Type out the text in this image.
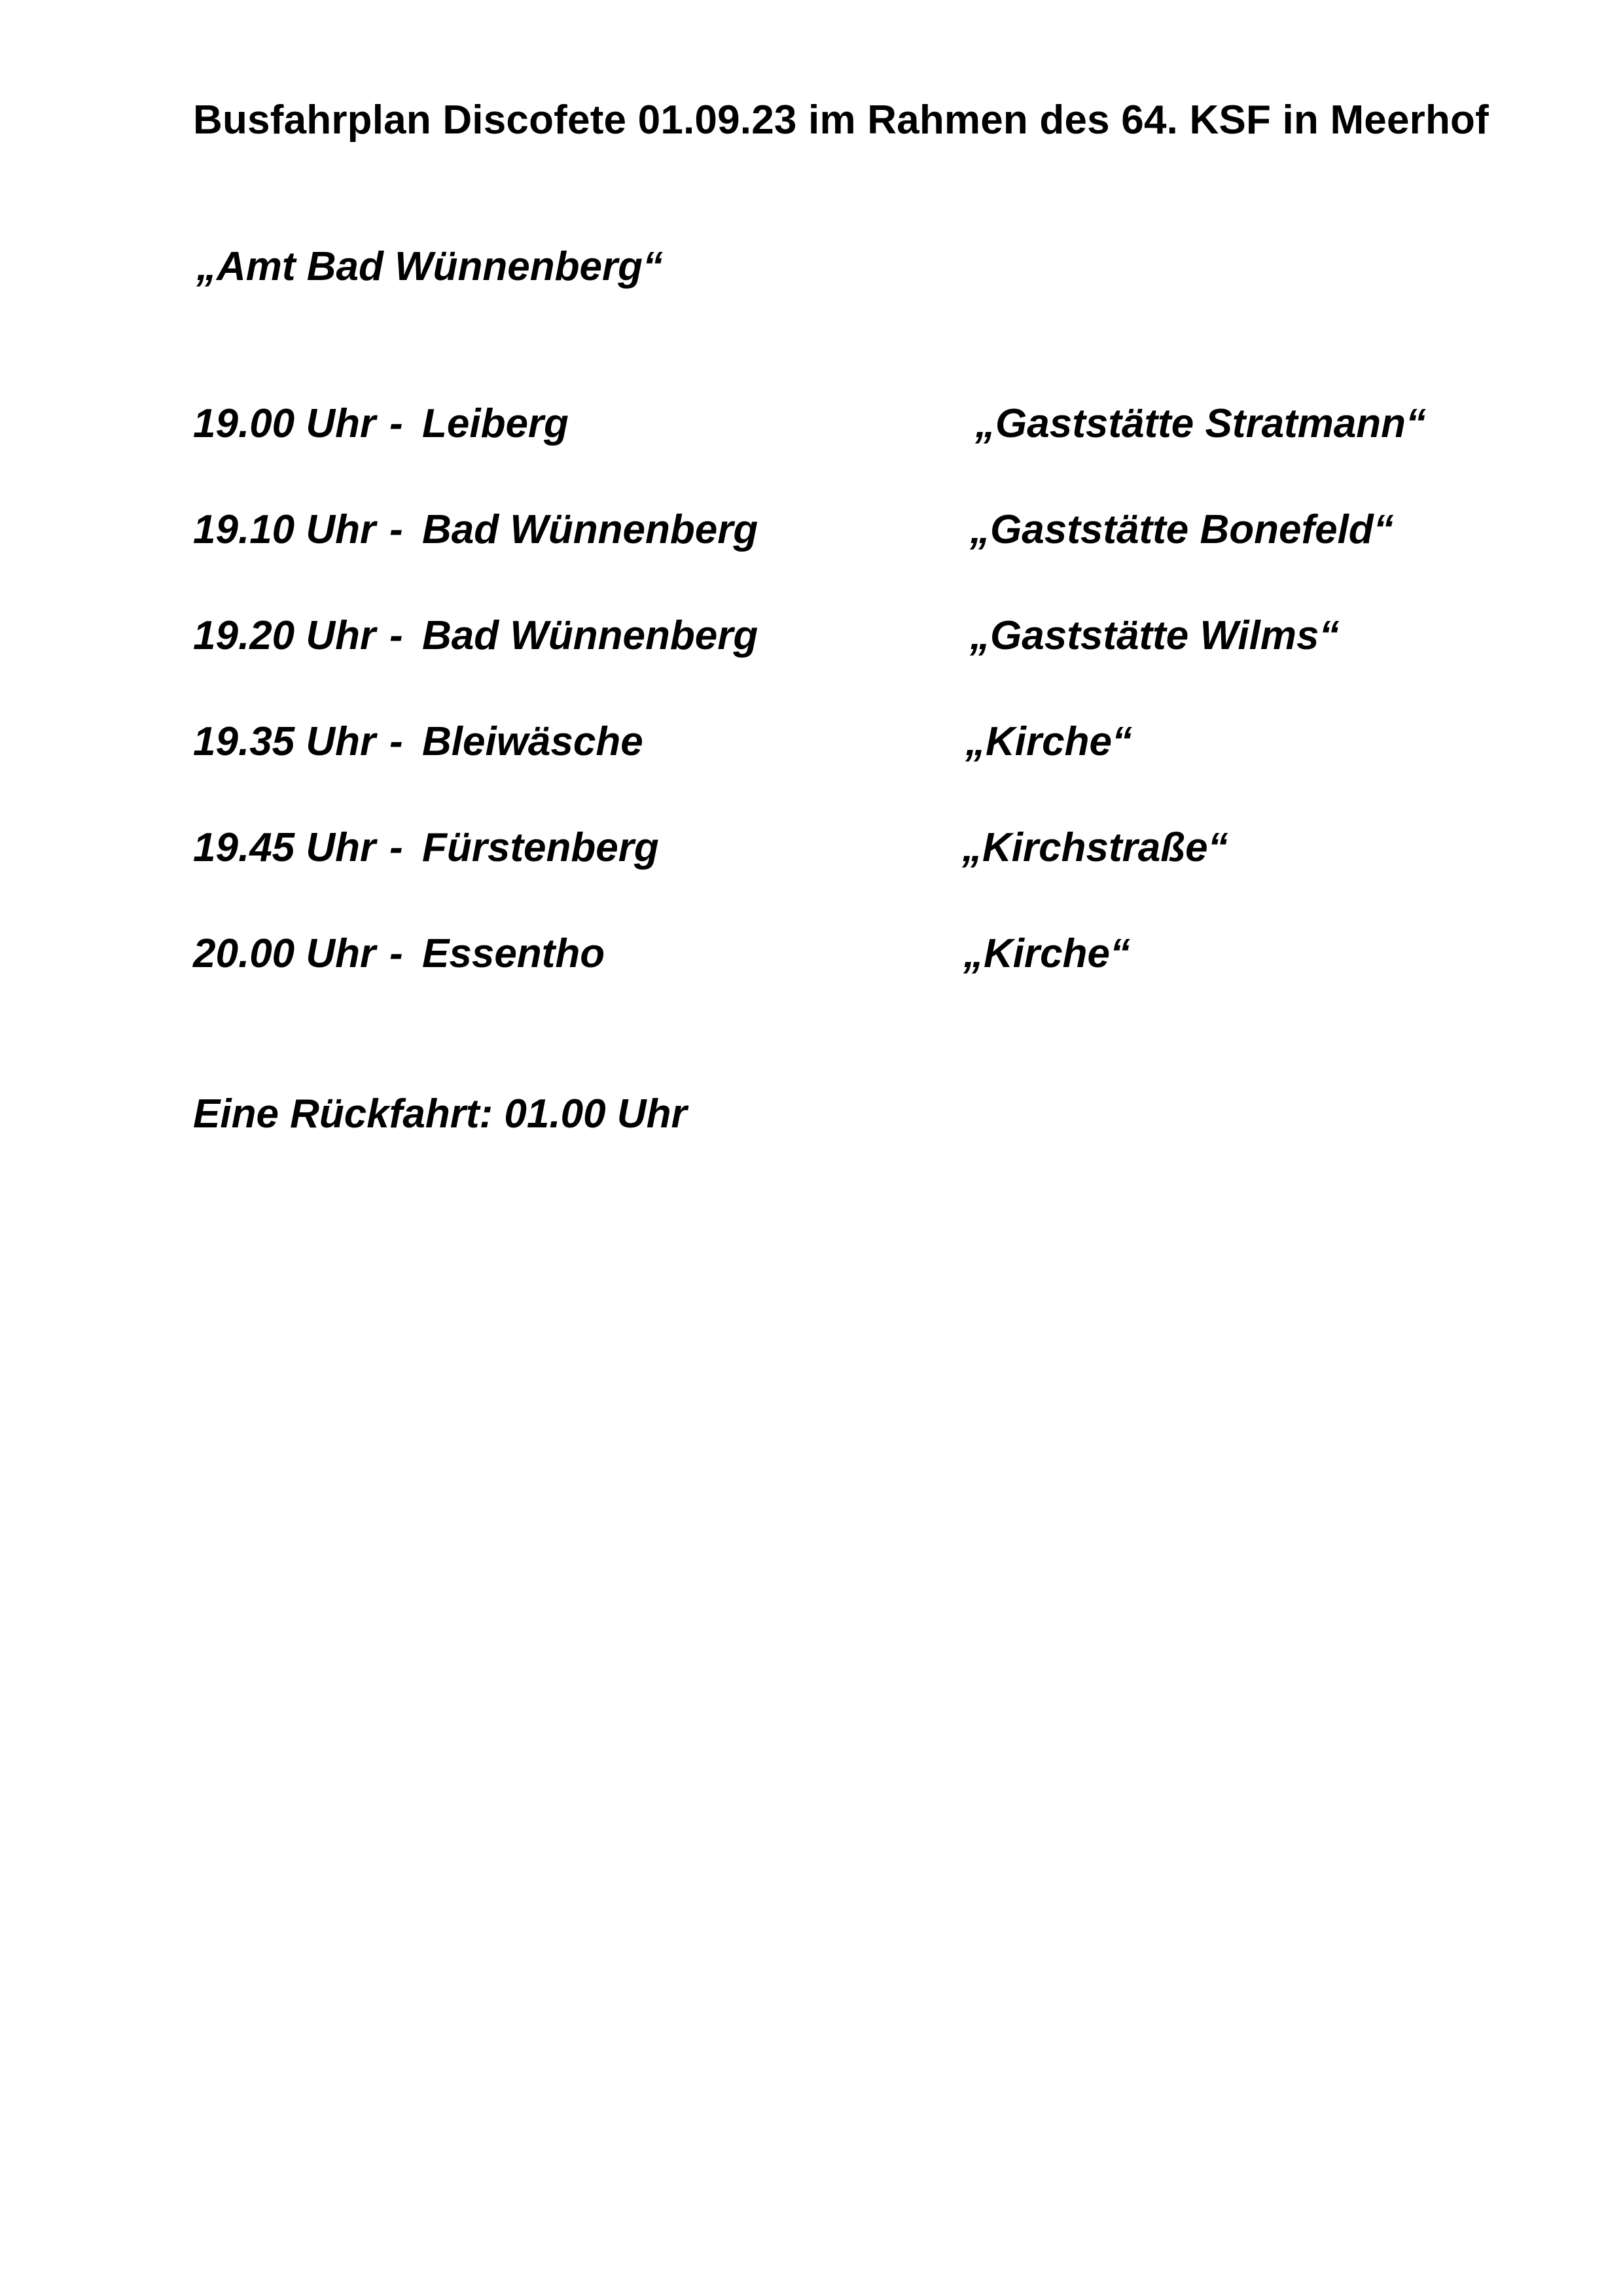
Busfahrplan Discofete 01.09.23 im Rahmen des 64. KSF in Meerhof
„Amt Bad Wünnenberg“
19.00 Uhr - Leiberg	„Gaststätte Stratmann“
19.10 Uhr - Bad Wünnenberg	„Gaststätte Bonefeld“
19.20 Uhr - Bad Wünnenberg	„Gaststätte Wilms“
19.35 Uhr - Bleiwäsche	„Kirche“
19.45 Uhr - Fürstenberg	„Kirchstraße“
20.00 Uhr - Essentho	„Kirche“
Eine Rückfahrt: 01.00 Uhr
